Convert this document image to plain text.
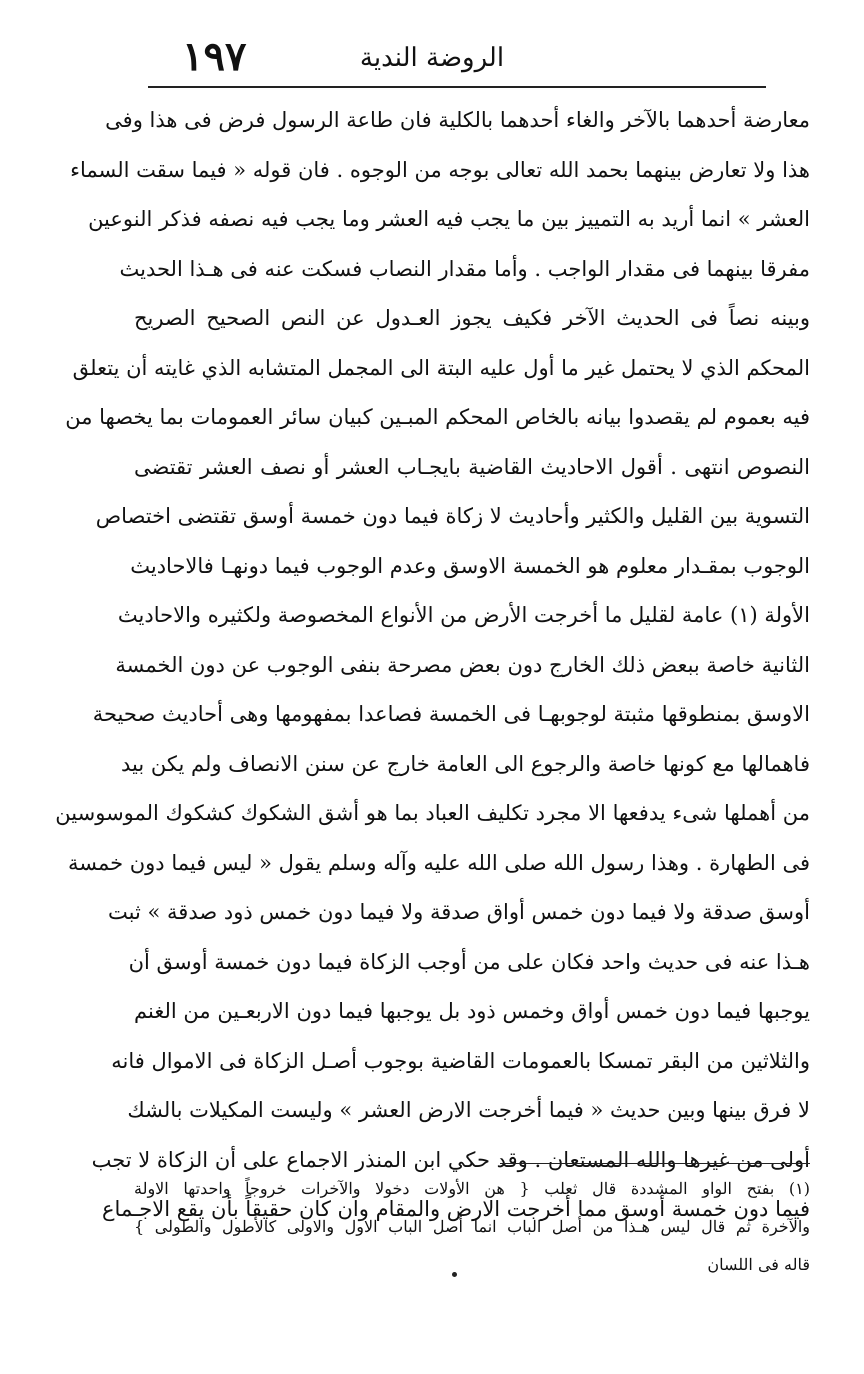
١٩٧	الروضة الندية
معارضة أحدهما بالآخر والغاء أحدهما بالكلية فان طاعة الرسول فرض فى هذا وفى
هذا ولا تعارض بينهما بحمد الله تعالى بوجه من الوجوه . فان قوله « فيما سقت السماء
العشر » انما أريد به التمييز بين ما يجب فيه العشر وما يجب فيه نصفه فذكر النوعين
مفرقا بينهما فى مقدار الواجب . وأما مقدار النصاب فسكت عنه فى هـذا الحديث
وبينه نصاً فى الحديث الآخر فكيف يجوز العـدول عن النص الصحيح الصريح
المحكم الذي لا يحتمل غير ما أول عليه البتة الى المجمل المتشابه الذي غايته أن يتعلق
فيه بعموم لم يقصدوا بيانه بالخاص المحكم المبـين كبيان سائر العمومات بما يخصها من
النصوص انتهى . أقول الاحاديث القاضية بايجـاب العشر أو نصف العشر تقتضى
التسوية بين القليل والكثير وأحاديث لا زكاة فيما دون خمسة أوسق تقتضى اختصاص
الوجوب بمقـدار معلوم هو الخمسة الاوسق وعدم الوجوب فيما دونهـا فالاحاديث
الأولة (١) عامة لقليل ما أخرجت الأرض من الأنواع المخصوصة ولكثيره والاحاديث
الثانية خاصة ببعض ذلك الخارج دون بعض مصرحة بنفى الوجوب عن دون الخمسة
الاوسق بمنطوقها مثبتة لوجوبهـا فى الخمسة فصاعدا بمفهومها وهى أحاديث صحيحة
فاهمالها مع كونها خاصة والرجوع الى العامة خارج عن سنن الانصاف ولم يكن بيد
من أهملها شىء يدفعها الا مجرد تكليف العباد بما هو أشق الشكوك كشكوك الموسوسين
فى الطهارة . وهذا رسول الله صلى الله عليه وآله وسلم يقول « ليس فيما دون خمسة
أوسق صدقة ولا فيما دون خمس أواق صدقة ولا فيما دون خمس ذود صدقة » ثبت
هـذا عنه فى حديث واحد فكان على من أوجب الزكاة فيما دون خمسة أوسق أن
يوجبها فيما دون خمس أواق وخمس ذود بل يوجبها فيما دون الاربعـين من الغنم
والثلاثين من البقر تمسكا بالعمومات القاضية بوجوب أصـل الزكاة فى الاموال فانه
لا فرق بينها وبين حديث « فيما أخرجت الارض العشر » وليست المكيلات بالشك
أولى من غيرها والله المستعان . وقد حكي ابن المنذر الاجماع على أن الزكاة لا تجب
فيما دون خمسة أوسق مما أخرجت الارض والمقام وان كان حقيقاً بأن يقع الاجـماع
(١) بفتح الواو المشددة قال ثعلب { هن الأولات دخولا والآخرات خروجاً واحدتها الاولة
والآخرة ثم قال ليس هـذا من أصل الباب انما أصل الباب الاول والاولى كالأطول والطولى }
قاله فى اللسان
